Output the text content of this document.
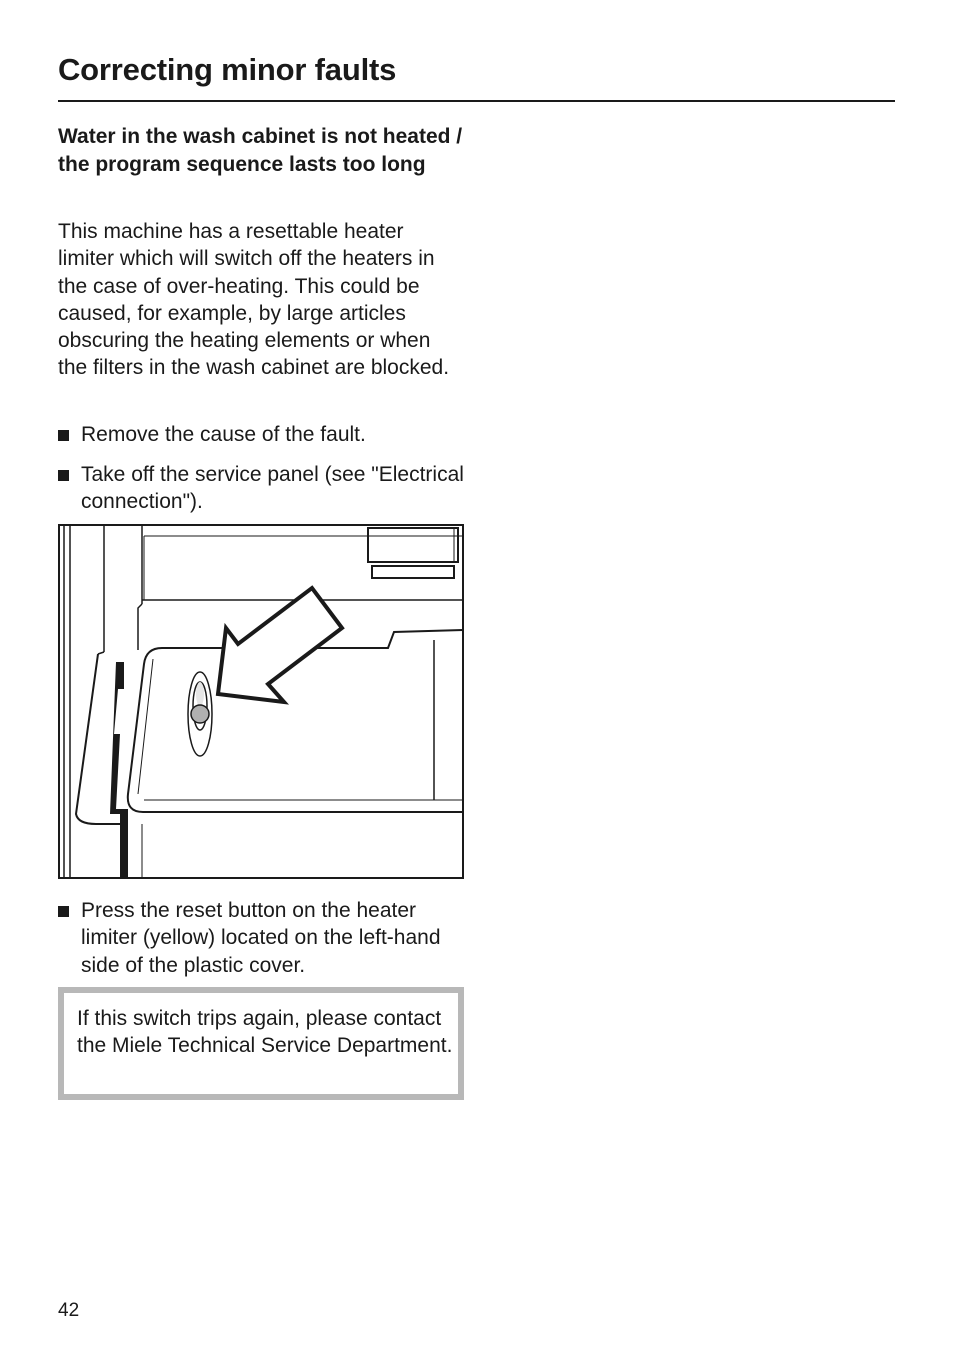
Correcting minor faults
Water in the wash cabinet is not heated / the program sequence lasts too long

This machine has a resettable heater limiter which will switch off the heaters in the case of over-heating. This could be caused, for example, by large articles obscuring the heating elements or when the filters in the wash cabinet are blocked.

Remove the cause of the fault.
Take off the service panel (see "Electrical connection").
Press the reset button on the heater limiter (yellow) located on the left-hand side of the plastic cover.

If this switch trips again, please contact the Miele Technical Service Department.

42
